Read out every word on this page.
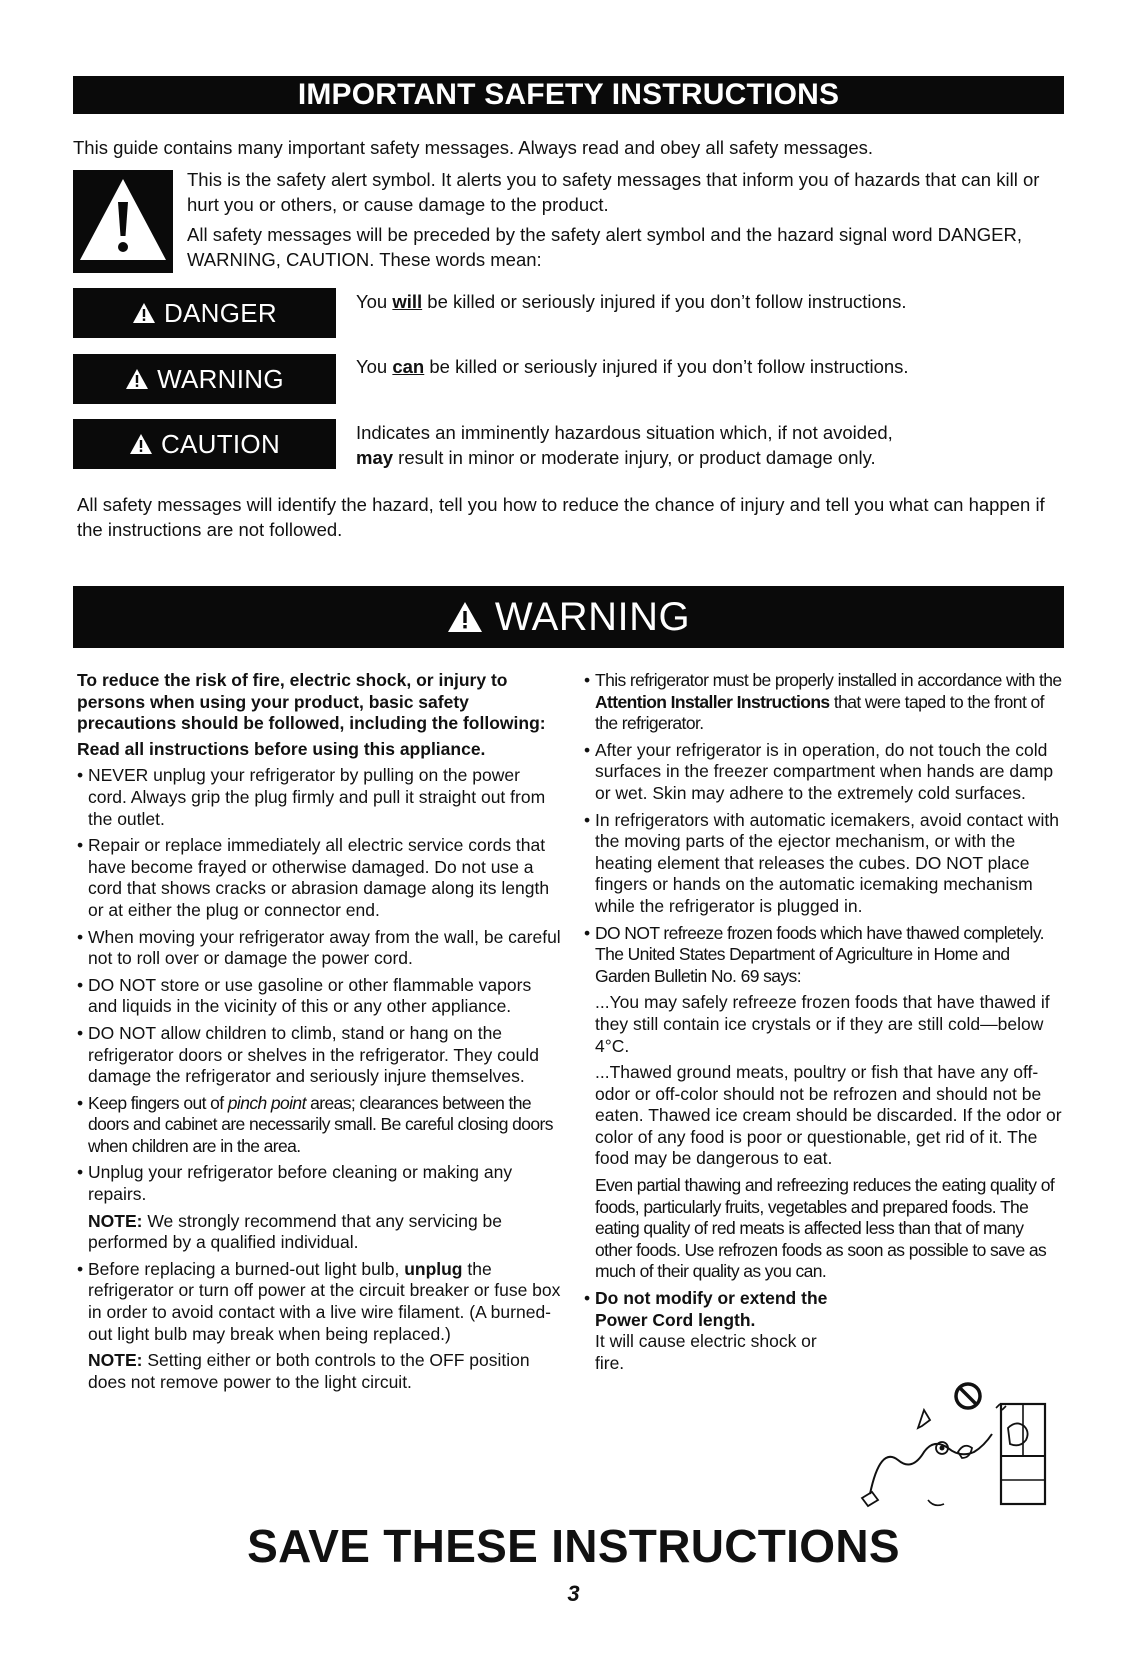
IMPORTANT SAFETY INSTRUCTIONS

This guide contains many important safety messages. Always read and obey all safety messages.

This is the safety alert symbol. It alerts you to safety messages that inform you of hazards that can kill or hurt you or others, or cause damage to the product.

All safety messages will be preceded by the safety alert symbol and the hazard signal word DANGER, WARNING, CAUTION. These words mean:

DANGER	You will be killed or seriously injured if you don’t follow instructions.
WARNING	You can be killed or seriously injured if you don’t follow instructions.
CAUTION	Indicates an imminently hazardous situation which, if not avoided,
may result in minor or moderate injury, or product damage only.

All safety messages will identify the hazard, tell you how to reduce the chance of injury and tell you what can happen if the instructions are not followed.

WARNING

To reduce the risk of fire, electric shock, or injury to persons when using your product, basic safety precautions should be followed, including the following:

Read all instructions before using this appliance.

• NEVER unplug your refrigerator by pulling on the power cord. Always grip the plug firmly and pull it straight out from the outlet.

• Repair or replace immediately all electric service cords that have become frayed or otherwise damaged. Do not use a cord that shows cracks or abrasion damage along its length or at either the plug or connector end.

• When moving your refrigerator away from the wall, be careful not to roll over or damage the power cord.

• DO NOT store or use gasoline or other flammable vapors and liquids in the vicinity of this or any other appliance.

• DO NOT allow children to climb, stand or hang on the refrigerator doors or shelves in the refrigerator. They could damage the refrigerator and seriously injure themselves.

• Keep fingers out of pinch point areas; clearances between the doors and cabinet are necessarily small. Be careful closing doors when children are in the area.

• Unplug your refrigerator before cleaning or making any repairs.

NOTE: We strongly recommend that any servicing be performed by a qualified individual.

• Before replacing a burned-out light bulb, unplug the refrigerator or turn off power at the circuit breaker or fuse box in order to avoid contact with a live wire filament. (A burned-out light bulb may break when being replaced.)

NOTE: Setting either or both controls to the OFF position does not remove power to the light circuit.

• This refrigerator must be properly installed in accordance with the Attention Installer Instructions that were taped to the front of the refrigerator.

• After your refrigerator is in operation, do not touch the cold surfaces in the freezer compartment when hands are damp or wet. Skin may adhere to the extremely cold surfaces.

• In refrigerators with automatic icemakers, avoid contact with the moving parts of the ejector mechanism, or with the heating element that releases the cubes. DO NOT place fingers or hands on the automatic icemaking mechanism while the refrigerator is plugged in.

• DO NOT refreeze frozen foods which have thawed completely. The United States Department of Agriculture in Home and Garden Bulletin No. 69 says:

...You may safely refreeze frozen foods that have thawed if they still contain ice crystals or if they are still cold—below 4°C.

...Thawed ground meats, poultry or fish that have any off-odor or off-color should not be refrozen and should not be eaten. Thawed ice cream should be discarded. If the odor or color of any food is poor or questionable, get rid of it. The food may be dangerous to eat.

Even partial thawing and refreezing reduces the eating quality of foods, particularly fruits, vegetables and prepared foods. The eating quality of red meats is affected less than that of many other foods. Use refrozen foods as soon as possible to save as much of their quality as you can.

• Do not modify or extend the Power Cord length.
It will cause electric shock or fire.

SAVE THESE INSTRUCTIONS
3
